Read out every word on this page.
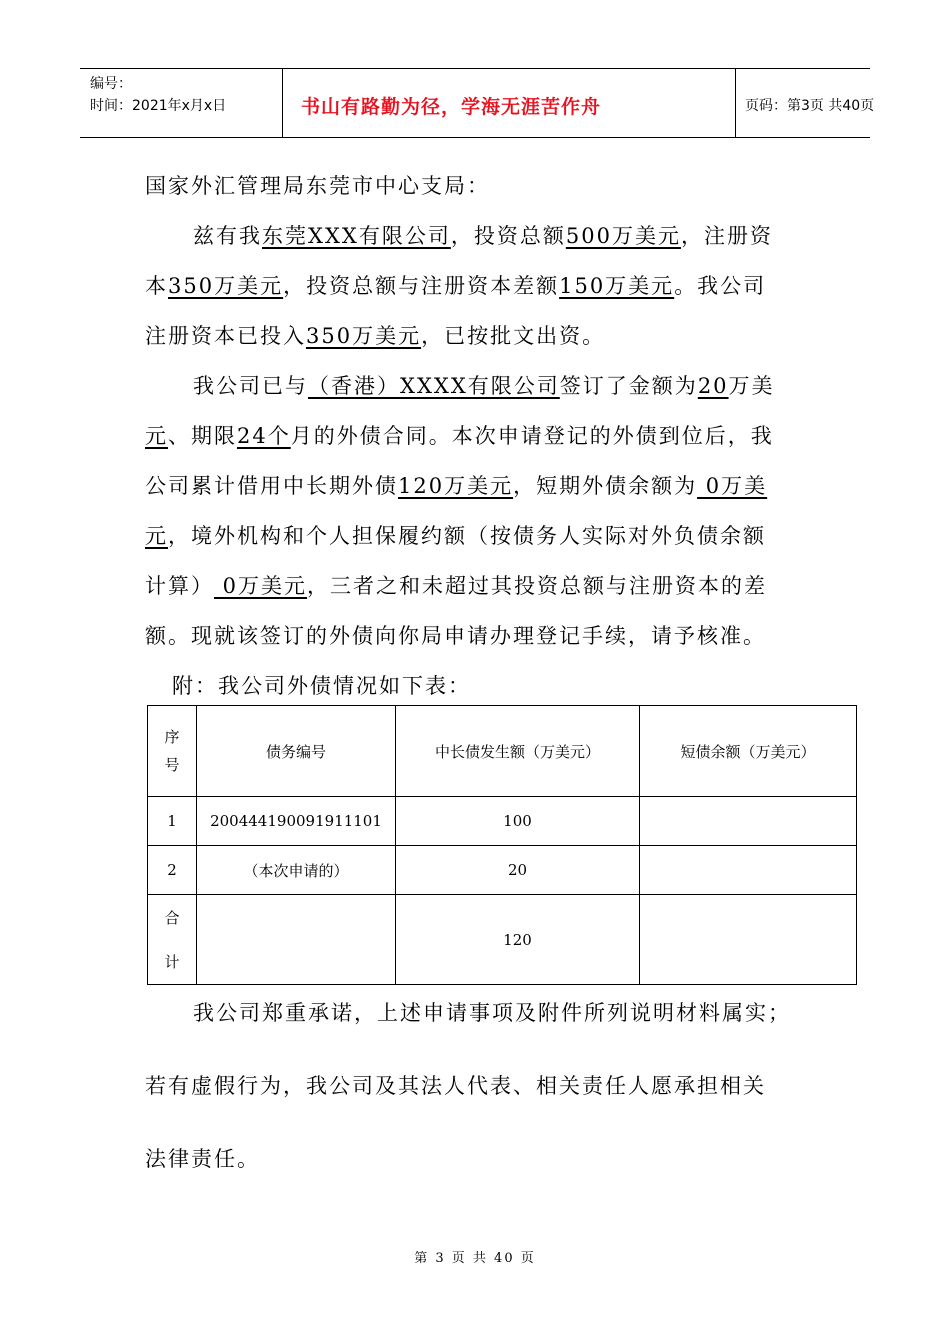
编号：
时间：2021年x月x日	书山有路勤为径，学海无涯苦作舟	页码：第3页 共40页
国家外汇管理局东莞市中心支局：
兹有我东莞XXX有限公司，投资总额500万美元，注册资
本350万美元，投资总额与注册资本差额150万美元。我公司
注册资本已投入350万美元，已按批文出资。
我公司已与（香港）XXXX有限公司签订了金额为20万美
元、期限24个月的外债合同。本次申请登记的外债到位后，我
公司累计借用中长期外债120万美元，短期外债余额为 0万美
元，境外机构和个人担保履约额（按债务人实际对外负债余额
计算） 0万美元，三者之和未超过其投资总额与注册资本的差
额。现就该签订的外债向你局申请办理登记手续，请予核准。
附：我公司外债情况如下表：
序号	债务编号	中长债发生额（万美元）	短债余额（万美元）
1	200444190091911101	100	
2	（本次申请的）	20	
合计		120	
我公司郑重承诺，上述申请事项及附件所列说明材料属实；
若有虚假行为，我公司及其法人代表、相关责任人愿承担相关
法律责任。
第 3 页 共 40 页
